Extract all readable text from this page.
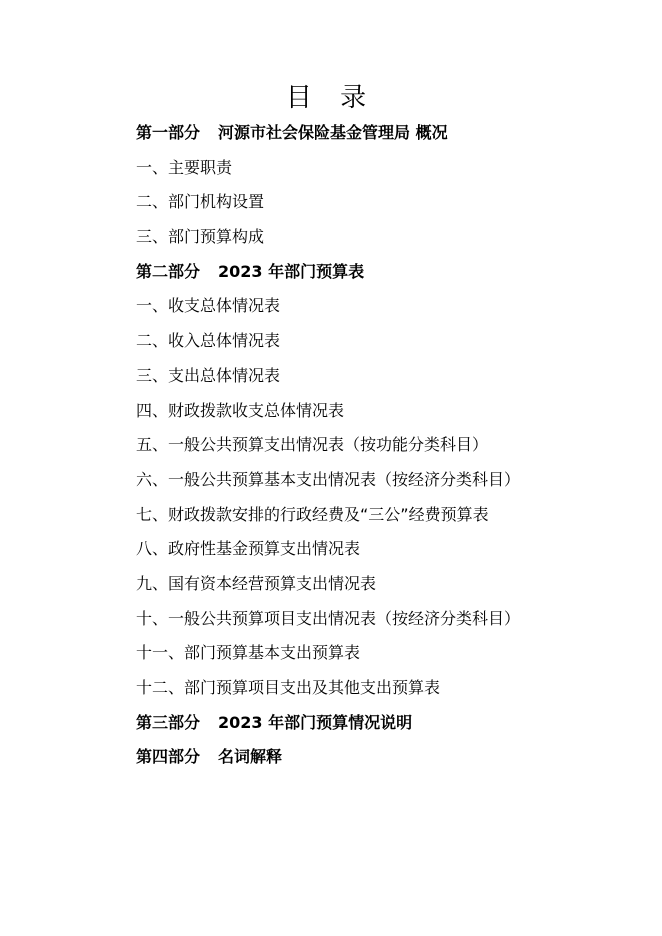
目 录
第一部分 河源市社会保险基金管理局 概况
一、主要职责
二、部门机构设置
三、部门预算构成
第二部分 2023 年部门预算表
一、收支总体情况表
二、收入总体情况表
三、支出总体情况表
四、财政拨款收支总体情况表
五、一般公共预算支出情况表（按功能分类科目）
六、一般公共预算基本支出情况表（按经济分类科目）
七、财政拨款安排的行政经费及“三公”经费预算表
八、政府性基金预算支出情况表
九、国有资本经营预算支出情况表
十、一般公共预算项目支出情况表（按经济分类科目）
十一、部门预算基本支出预算表
十二、部门预算项目支出及其他支出预算表
第三部分 2023 年部门预算情况说明
第四部分 名词解释
